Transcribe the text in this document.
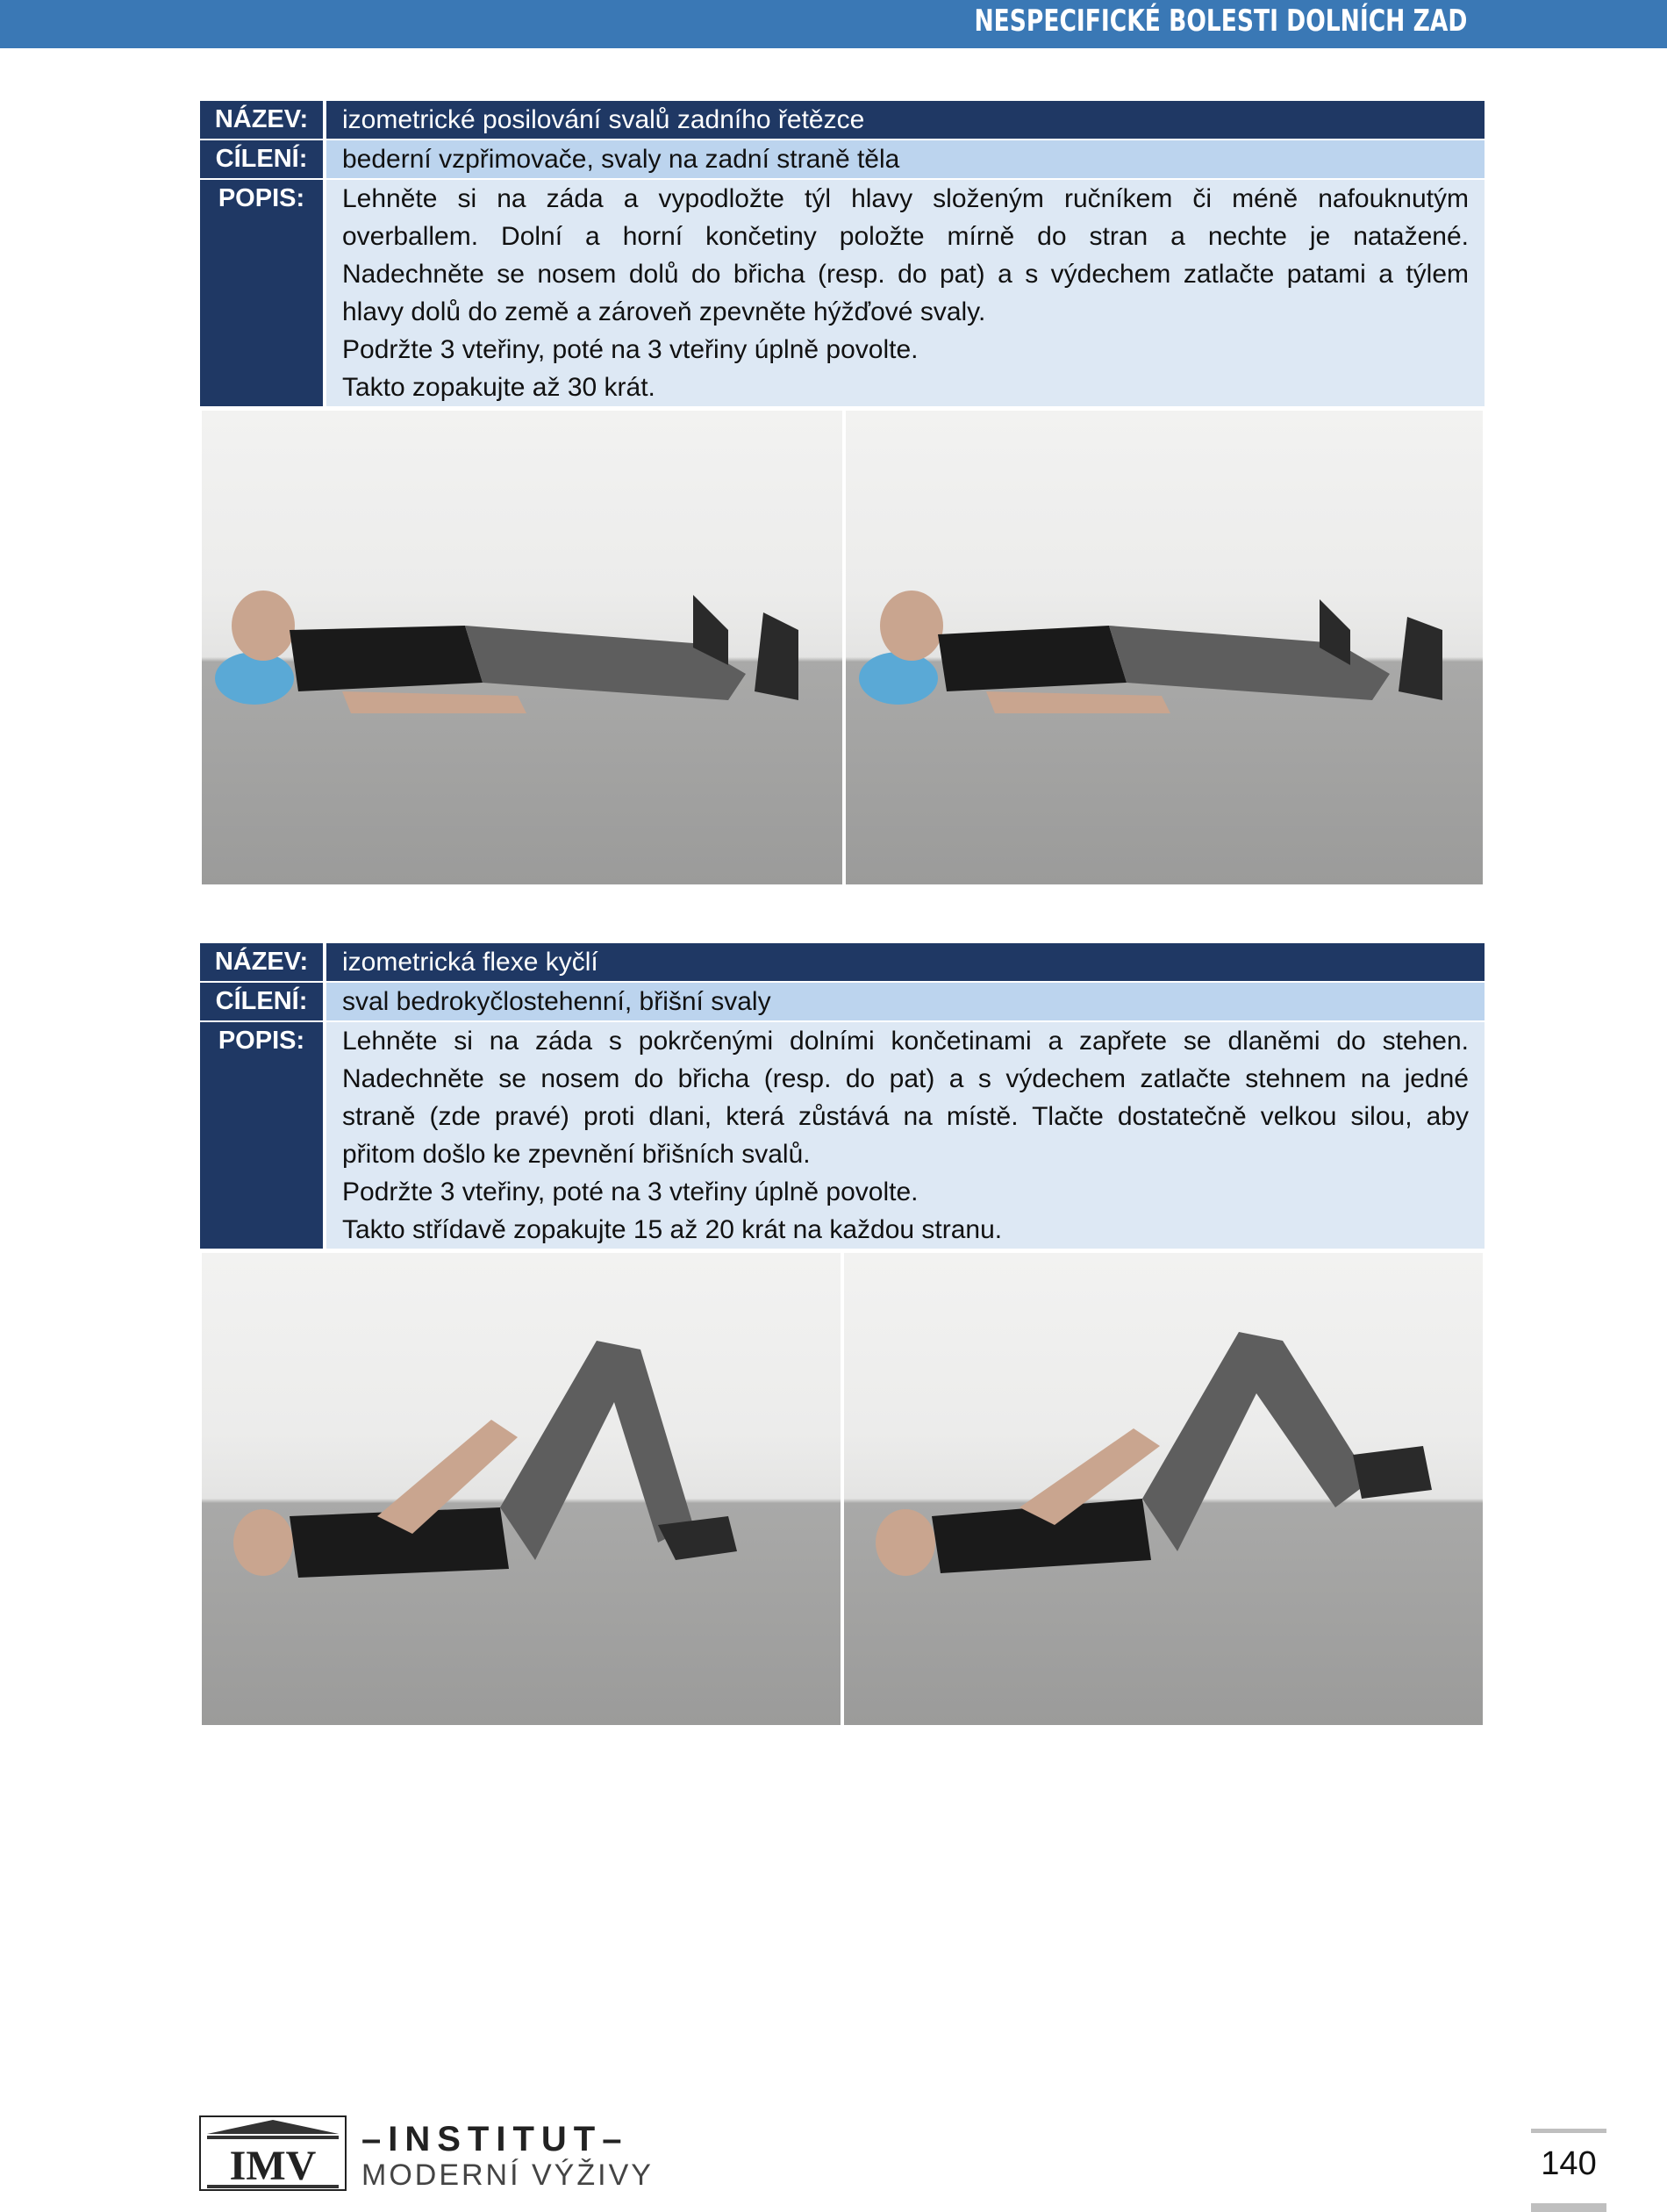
NESPECIFICKÉ BOLESTI DOLNÍCH ZAD
NÁZEV:	izometrické posilování svalů zadního řetězce
CÍLENÍ:	bederní vzpřimovače, svaly na zadní straně těla
POPIS:	Lehněte si na záda a vypodložte týl hlavy složeným ručníkem či méně nafouknutým

overballem. Dolní a horní končetiny položte mírně do stran a nechte je natažené.

Nadechněte se nosem dolů do břicha (resp. do pat) a s výdechem zatlačte patami a týlem

hlavy dolů do země a zároveň zpevněte hýžďové svaly.

Podržte 3 vteřiny, poté na 3 vteřiny úplně povolte.

Takto zopakujte až 30 krát.

NÁZEV:	izometrická flexe kyčlí
CÍLENÍ:	sval bedrokyčlostehenní, břišní svaly
POPIS:	Lehněte si na záda s pokrčenými dolními končetinami a zapřete se dlaněmi do stehen.

Nadechněte se nosem do břicha (resp. do pat) a s výdechem zatlačte stehnem na jedné

straně (zde pravé) proti dlani, která zůstává na místě. Tlačte dostatečně velkou silou, aby

přitom došlo ke zpevnění břišních svalů.

Podržte 3 vteřiny, poté na 3 vteřiny úplně povolte.

Takto střídavě zopakujte 15 až 20 krát na každou stranu.

IMV
–INSTITUT–
MODERNÍ VÝŽIVY	140
